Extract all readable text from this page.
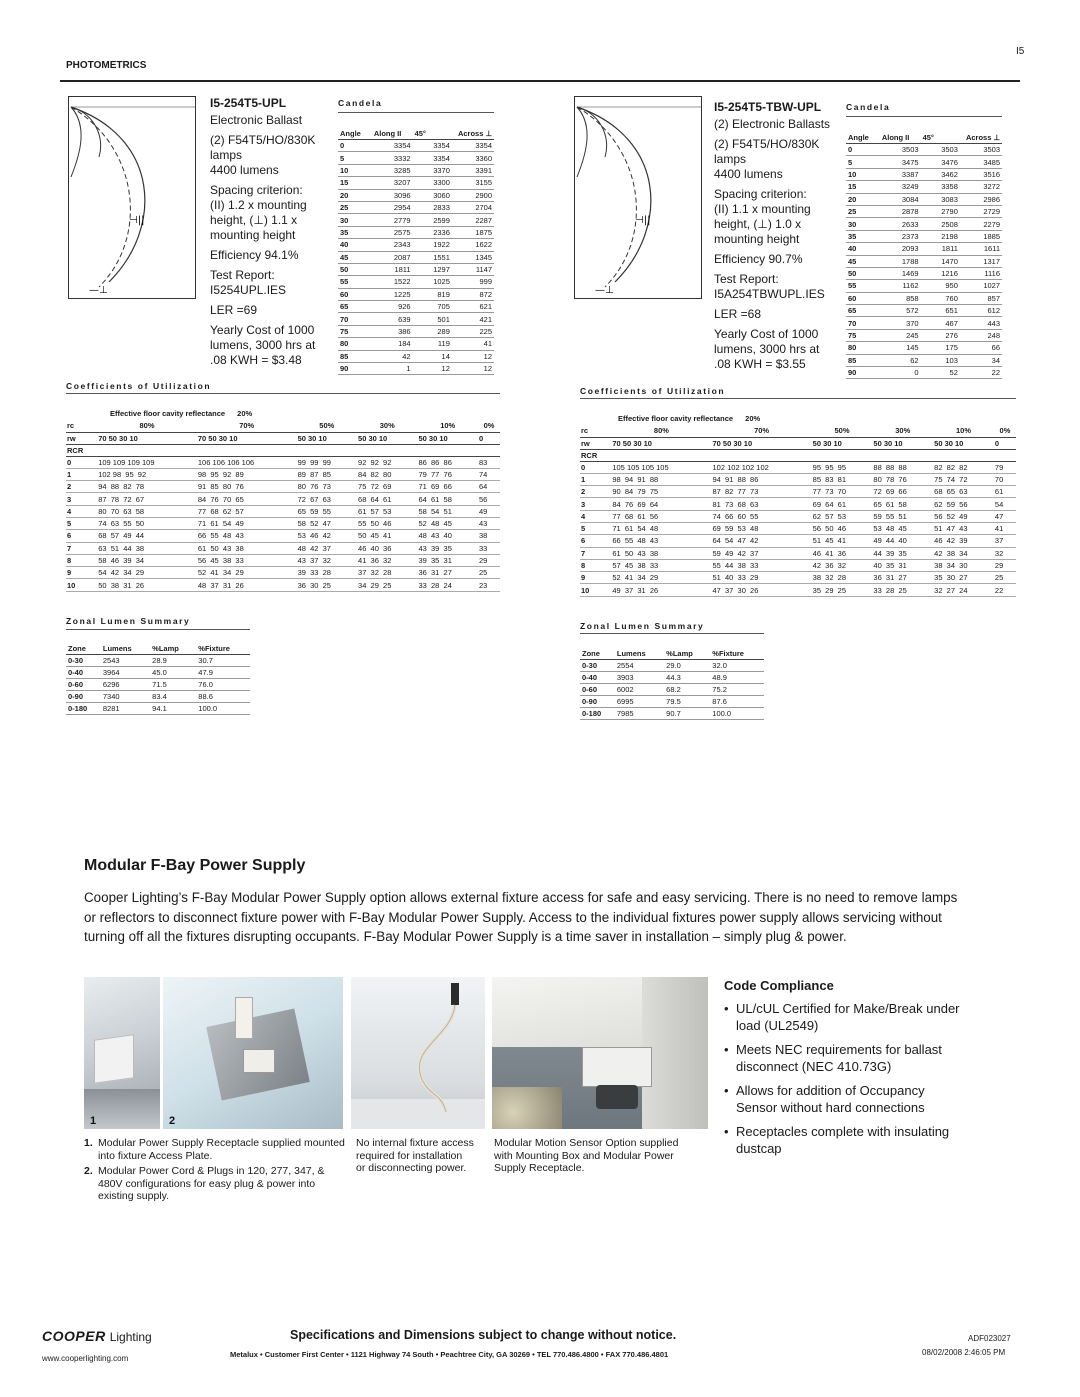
I5
PHOTOMETRICS
⊣||
—⊥
I5-254T5-UPL

Electronic Ballast

(2) F54T5/HO/830K

lamps

4400 lumens

Spacing criterion:

(II) 1.2 x mounting

height, (⊥) 1.1 x

mounting height

Efficiency 94.1%

Test Report:

I5254UPL.IES

LER =69

Yearly Cost of 1000

lumens, 3000 hrs at

.08 KWH = $3.48

Candela
Angle	Along II	45°	Across ⊥
0	3354	3354	3354
5	3332	3354	3360
10	3285	3370	3391
15	3207	3300	3155
20	3096	3060	2900
25	2954	2833	2704
30	2779	2599	2287
35	2575	2336	1875
40	2343	1922	1622
45	2087	1551	1345
50	1811	1297	1147
55	1522	1025	999
60	1225	819	872
65	926	705	621
70	639	501	421
75	386	289	225
80	184	119	41
85	42	14	12
90	1	12	12
Coefficients of Utilization
Effective floor cavity reflectance 20%
rc	80%	70%	50%	30%	10%	0%
rw	70 50 30 10	70 50 30 10	50 30 10	50 30 10	50 30 10	0
RCR						
0	109 109 109 109	106 106 106 106	99  99  99	92  92  92	86  86  86	83
1	102 98  95  92	98  95  92  89	89  87  85	84  82  80	79  77  76	74
2	94  88  82  78	91  85  80  76	80  76  73	75  72  69	71  69  66	64
3	87  78  72  67	84  76  70  65	72  67  63	68  64  61	64  61  58	56
4	80  70  63  58	77  68  62  57	65  59  55	61  57  53	58  54  51	49
5	74  63  55  50	71  61  54  49	58  52  47	55  50  46	52  48  45	43
6	68  57  49  44	66  55  48  43	53  46  42	50  45  41	48  43  40	38
7	63  51  44  38	61  50  43  38	48  42  37	46  40  36	43  39  35	33
8	58  46  39  34	56  45  38  33	43  37  32	41  36  32	39  35  31	29
9	54  42  34  29	52  41  34  29	39  33  28	37  32  28	36  31  27	25
10	50  38  31  26	48  37  31  26	36  30  25	34  29  25	33  28  24	23
Zonal Lumen Summary
Zone	Lumens	%Lamp	%Fixture
0-30	2543	28.9	30.7
0-40	3964	45.0	47.9
0-60	6296	71.5	76.0
0-90	7340	83.4	88.6
0-180	8281	94.1	100.0
⊣||
—⊥
I5-254T5-TBW-UPL

(2) Electronic Ballasts

(2) F54T5/HO/830K

lamps

4400 lumens

Spacing criterion:

(II) 1.1 x mounting

height, (⊥) 1.0 x

mounting height

Efficiency 90.7%

Test Report:

I5A254TBWUPL.IES

LER =68

Yearly Cost of 1000

lumens, 3000 hrs at

.08 KWH = $3.55

Candela
Angle	Along II	45°	Across ⊥
0	3503	3503	3503
5	3475	3476	3485
10	3387	3462	3516
15	3249	3358	3272
20	3084	3083	2986
25	2878	2790	2729
30	2633	2508	2279
35	2373	2198	1885
40	2093	1811	1611
45	1788	1470	1317
50	1469	1216	1116
55	1162	950	1027
60	858	760	857
65	572	651	612
70	370	467	443
75	245	276	248
80	145	175	66
85	62	103	34
90	0	52	22
Coefficients of Utilization
Effective floor cavity reflectance 20%
rc	80%	70%	50%	30%	10%	0%
rw	70 50 30 10	70 50 30 10	50 30 10	50 30 10	50 30 10	0
RCR						
0	105 105 105 105	102 102 102 102	95  95  95	88  88  88	82  82  82	79
1	98  94  91  88	94  91  88  86	85  83  81	80  78  76	75  74  72	70
2	90  84  79  75	87  82  77  73	77  73  70	72  69  66	68  65  63	61
3	84  76  69  64	81  73  68  63	69  64  61	65  61  58	62  59  56	54
4	77  68  61  56	74  66  60  55	62  57  53	59  55  51	56  52  49	47
5	71  61  54  48	69  59  53  48	56  50  46	53  48  45	51  47  43	41
6	66  55  48  43	64  54  47  42	51  45  41	49  44  40	46  42  39	37
7	61  50  43  38	59  49  42  37	46  41  36	44  39  35	42  38  34	32
8	57  45  38  33	55  44  38  33	42  36  32	40  35  31	38  34  30	29
9	52  41  34  29	51  40  33  29	38  32  28	36  31  27	35  30  27	25
10	49  37  31  26	47  37  30  26	35  29  25	33  28  25	32  27  24	22
Zonal Lumen Summary
Zone	Lumens	%Lamp	%Fixture
0-30	2554	29.0	32.0
0-40	3903	44.3	48.9
0-60	6002	68.2	75.2
0-90	6995	79.5	87.6
0-180	7985	90.7	100.0
Modular F-Bay Power Supply
Cooper Lighting’s F-Bay Modular Power Supply option allows external fixture access for safe and easy servicing. There is no need to remove lamps or reflectors to disconnect fixture power with F-Bay Modular Power Supply. Access to the individual fixtures power supply allows servicing without turning off all the fixtures disrupting occupants. F-Bay Modular Power Supply is a time saver in installation – simply plug & power.
1	2
1. Modular Power Supply Receptacle supplied mounted into fixture Access Plate.
2. Modular Power Cord & Plugs in 120, 277, 347, & 480V configurations for easy plug & power into existing supply.
No internal fixture access required for installation or disconnecting power.
Modular Motion Sensor Option supplied with Mounting Box and Modular Power Supply Receptacle.
Code Compliance
• UL/cUL Certified for Make/Break under load (UL2549)
• Meets NEC requirements for ballast disconnect (NEC 410.73G)
• Allows for addition of Occupancy Sensor without hard connections
• Receptacles complete with insulating dustcap
COOPER Lighting
www.cooperlighting.com
Specifications and Dimensions subject to change without notice.
Metalux • Customer First Center • 1121 Highway 74 South • Peachtree City, GA 30269 • TEL 770.486.4800 • FAX 770.486.4801
ADF023027
08/02/2008 2:46:05 PM
